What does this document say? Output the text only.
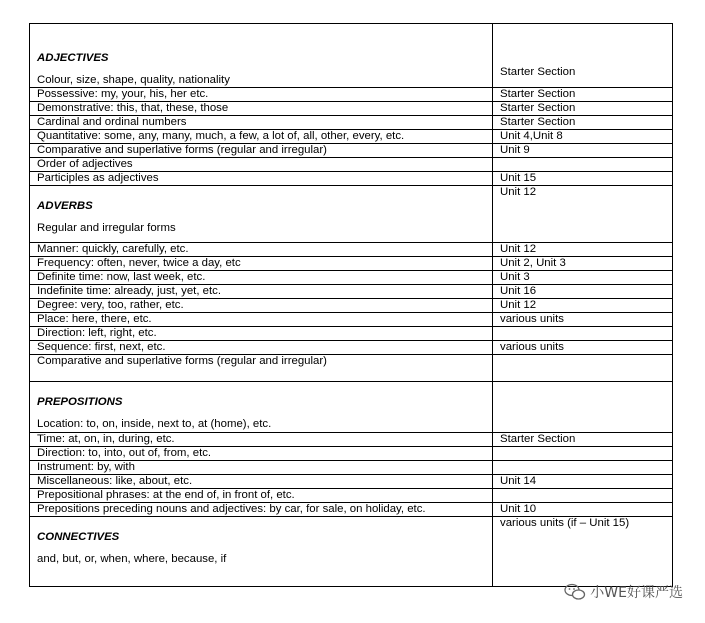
ADJECTIVES
Colour, size, shape, quality, nationality	Starter Section
Possessive: my, your, his, her etc.	Starter Section
Demonstrative: this, that, these, those	Starter Section
Cardinal and ordinal numbers	Starter Section
Quantitative: some, any, many, much, a few, a lot of, all, other, every, etc.	Unit 4,Unit 8
Comparative and superlative forms (regular and irregular)	Unit 9
Order of adjectives	
Participles as adjectives	Unit 15

ADVERBS
Regular and irregular forms	Unit 12
Manner: quickly, carefully, etc.	Unit 12
Frequency: often, never, twice a day, etc	Unit 2, Unit 3
Definite time: now, last week, etc.	Unit 3
Indefinite time: already, just, yet, etc.	Unit 16
Degree: very, too, rather, etc.	Unit 12
Place: here, there, etc.	various units
Direction: left, right, etc.	
Sequence: first, next, etc.	various units
Comparative and superlative forms (regular and irregular)	

PREPOSITIONS
Location: to, on, inside, next to, at (home), etc.	

Time: at, on, in, during, etc.	Starter Section
Direction: to, into, out of, from, etc.	
Instrument: by, with	
Miscellaneous: like, about, etc.	Unit 14
Prepositional phrases: at the end of, in front of, etc.	
Prepositions preceding nouns and adjectives: by car, for sale, on holiday, etc.	Unit 10

CONNECTIVES
and, but, or, when, where, because, if	various units (if – Unit 15)
小WE好课严选
